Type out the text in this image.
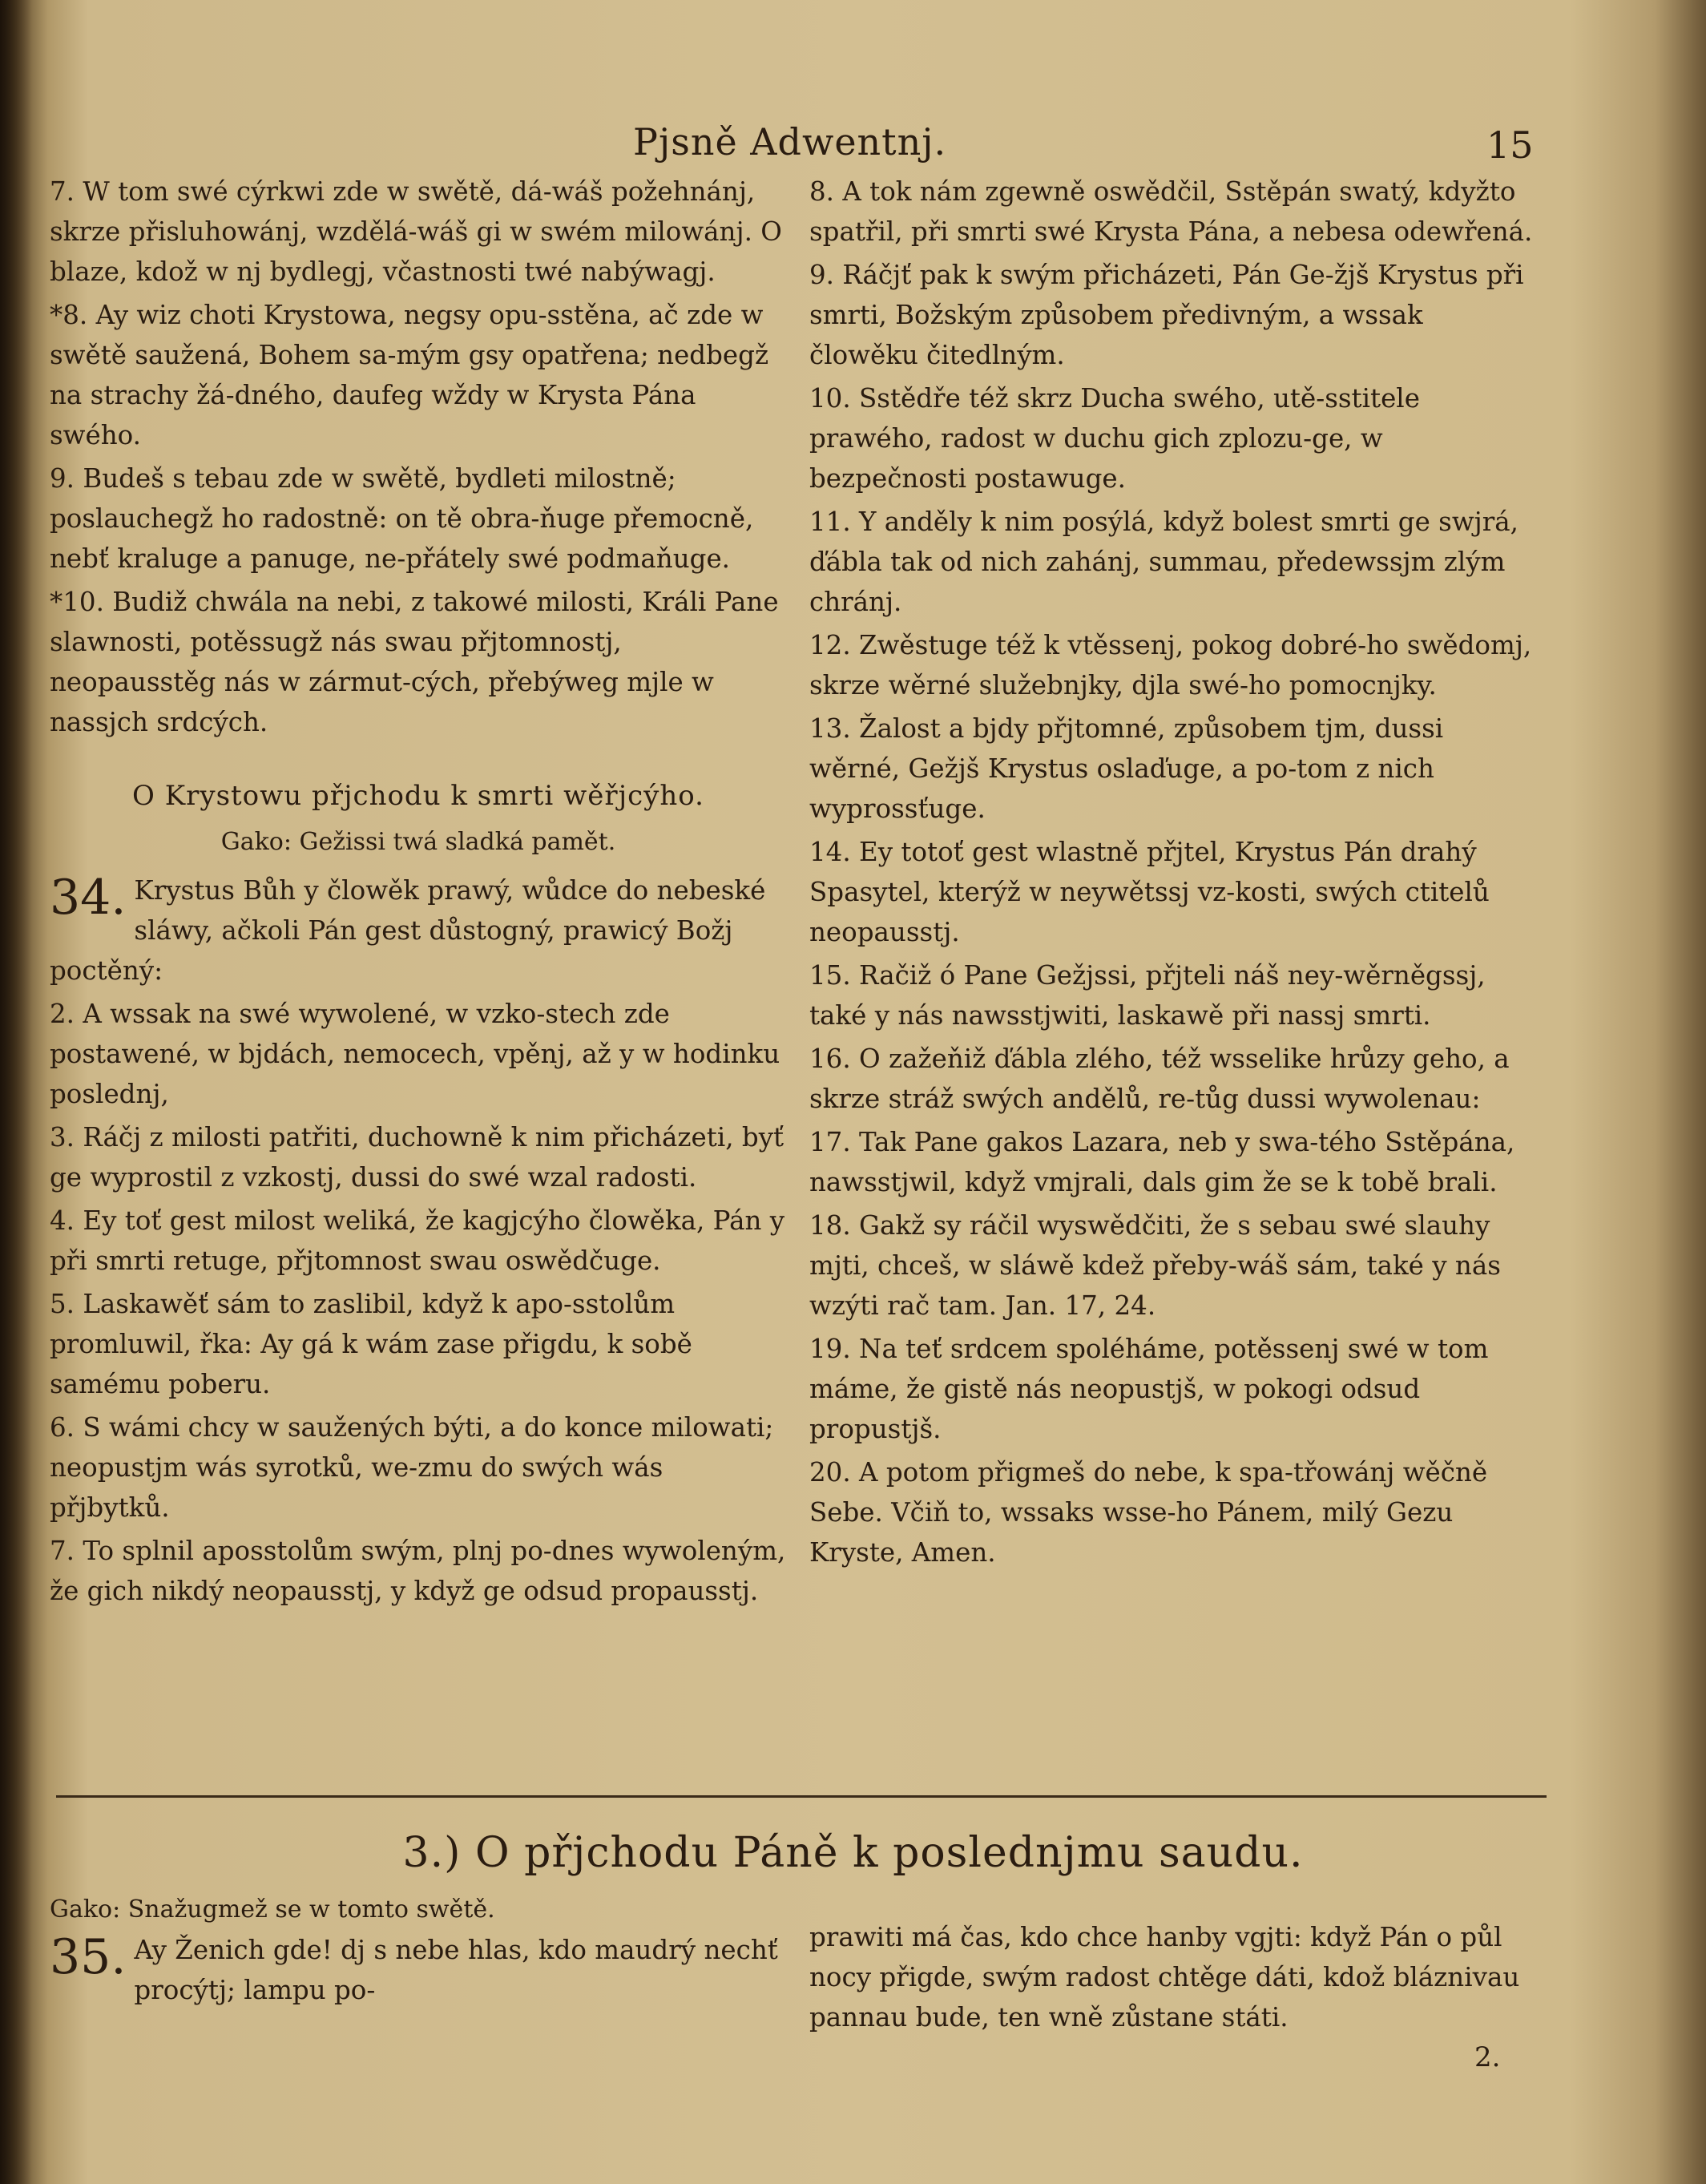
Pjsně Adwentnj.	15

7. W tom swé cýrkwi zde w swětě, dá-wáš požehnánj, skrze přisluhowánj, wzdělá-wáš gi w swém milowánj. O blaze, kdož w nj bydlegj, včastnosti twé nabýwagj.

*8. Ay wiz choti Krystowa, negsy opu-sstěna, ač zde w swětě saužená, Bohem sa-mým gsy opatřena; nedbegž na strachy žá-dného, daufeg wždy w Krysta Pána swého.

9. Budeš s tebau zde w swětě, bydleti milostně; poslauchegž ho radostně: on tě obra-ňuge přemocně, nebť kraluge a panuge, ne-přátely swé podmaňuge.

*10. Budiž chwála na nebi, z takowé milosti, Králi Pane slawnosti, potěssugž nás swau přjtomnostj, neopausstěg nás w zármut-cých, přebýweg mjle w nassjch srdcých.

O Krystowu přjchodu k smrti wěřjcýho.
Gako: Gežissi twá sladká pamět.
34. Krystus Bůh y člowěk prawý, wůdce do nebeské sláwy, ačkoli Pán gest důstogný, prawicý Božj poctěný:

2. A wssak na swé wywolené, w vzko-stech zde postawené, w bjdách, nemocech, vpěnj, až y w hodinku poslednj,

3. Ráčj z milosti patřiti, duchowně k nim přicházeti, byť ge wyprostil z vzkostj, dussi do swé wzal radosti.

4. Ey toť gest milost weliká, že kagjcýho člowěka, Pán y při smrti retuge, přjtomnost swau oswědčuge.

5. Laskawěť sám to zaslibil, když k apo-sstolům promluwil, řka: Ay gá k wám zase přigdu, k sobě samému poberu.

6. S wámi chcy w saužených býti, a do konce milowati; neopustjm wás syrotků, we-zmu do swých wás přjbytků.

7. To splnil aposstolům swým, plnj po-dnes wywoleným, že gich nikdý neopausstj, y když ge odsud propausstj.

8. A tok nám zgewně oswědčil, Sstěpán swatý, kdyžto spatřil, při smrti swé Krysta Pána, a nebesa odewřená.

9. Ráčjť pak k swým přicházeti, Pán Ge-žjš Krystus při smrti, Božským způsobem předivným, a wssak člowěku čitedlným.

10. Sstědře též skrz Ducha swého, utě-sstitele prawého, radost w duchu gich zplozu-ge, w bezpečnosti postawuge.

11. Y anděly k nim posýlá, když bolest smrti ge swjrá, ďábla tak od nich zahánj, summau, předewssjm zlým chránj.

12. Zwěstuge též k vtěssenj, pokog dobré-ho swědomj, skrze wěrné služebnjky, djla swé-ho pomocnjky.

13. Žalost a bjdy přjtomné, způsobem tjm, dussi wěrné, Gežjš Krystus oslaďuge, a po-tom z nich wyprossťuge.

14. Ey totoť gest wlastně přjtel, Krystus Pán drahý Spasytel, kterýž w neywětssj vz-kosti, swých ctitelů neopausstj.

15. Račiž ó Pane Gežjssi, přjteli náš ney-wěrněgssj, také y nás nawsstjwiti, laskawě při nassj smrti.

16. O zažeňiž ďábla zlého, též wsselike hrůzy geho, a skrze stráž swých andělů, re-tůg dussi wywolenau:

17. Tak Pane gakos Lazara, neb y swa-tého Sstěpána, nawsstjwil, když vmjrali, dals gim že se k tobě brali.

18. Gakž sy ráčil wyswědčiti, že s sebau swé slauhy mjti, chceš, w sláwě kdež přeby-wáš sám, také y nás wzýti rač tam. Jan. 17, 24.

19. Na teť srdcem spoléháme, potěssenj swé w tom máme, že gistě nás neopustjš, w pokogi odsud propustjš.

20. A potom přigmeš do nebe, k spa-třowánj wěčně Sebe. Včiň to, wssaks wsse-ho Pánem, milý Gezu Kryste, Amen.

3.) O přjchodu Páně k poslednjmu saudu.
Gako: Snažugmež se w tomto swětě.
35. Ay Ženich gde! dj s nebe hlas, kdo maudrý nechť procýtj; lampu po-

prawiti má čas, kdo chce hanby vgjti: když Pán o půl nocy přigde, swým radost chtěge dáti, kdož bláznivau pannau bude, ten wně zůstane státi.

2.
